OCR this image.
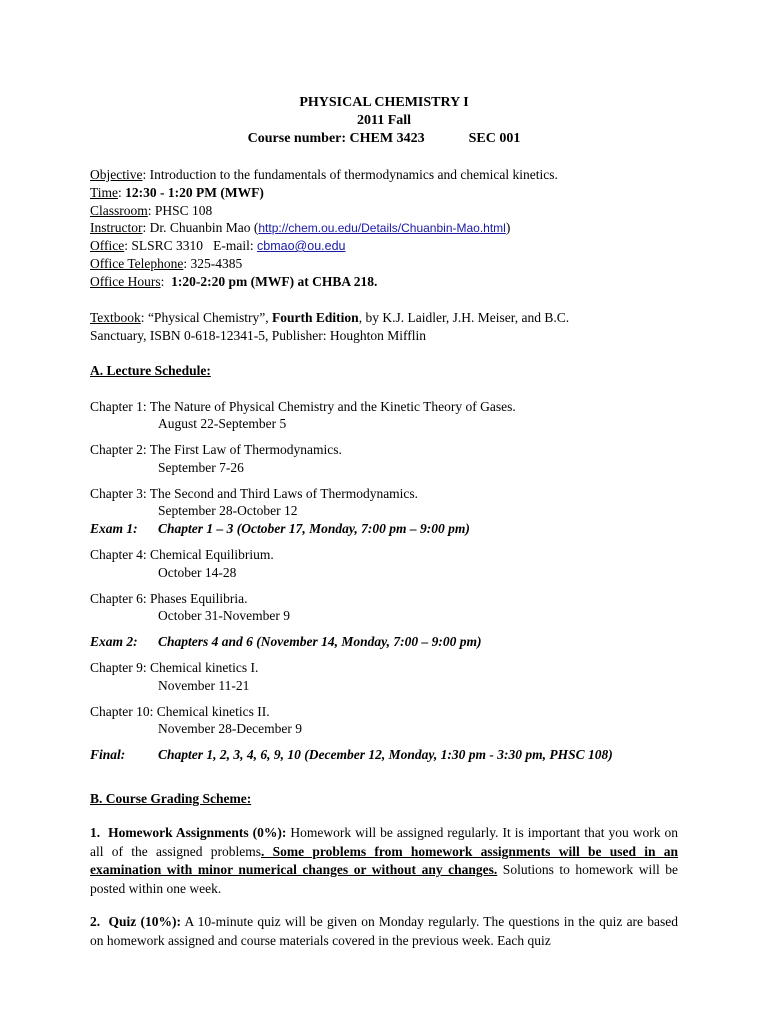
PHYSICAL CHEMISTRY I
2011 Fall
Course number: CHEM 3423	SEC 001
Objective: Introduction to the fundamentals of thermodynamics and chemical kinetics.
Time: 12:30 - 1:20 PM (MWF)
Classroom: PHSC 108
Instructor: Dr. Chuanbin Mao (http://chem.ou.edu/Details/Chuanbin-Mao.html)
Office: SLSRC 3310 E-mail: cbmao@ou.edu
Office Telephone: 325-4385
Office Hours:  1:20-2:20 pm (MWF) at CHBA 218.
Textbook: “Physical Chemistry”, Fourth Edition, by K.J. Laidler, J.H. Meiser, and B.C.
Sanctuary, ISBN 0-618-12341-5, Publisher: Houghton Mifflin
A. Lecture Schedule:
Chapter 1: The Nature of Physical Chemistry and the Kinetic Theory of Gases.
August 22-September 5
Chapter 2: The First Law of Thermodynamics.
September 7-26
Chapter 3: The Second and Third Laws of Thermodynamics.
September 28-October 12
Exam 1: Chapter 1 – 3 (October 17, Monday, 7:00 pm – 9:00 pm)
Chapter 4: Chemical Equilibrium.
October 14-28
Chapter 6: Phases Equilibria.
October 31-November 9
Exam 2: Chapters 4 and 6 (November 14, Monday, 7:00 – 9:00 pm)
Chapter 9: Chemical kinetics I.
November 11-21
Chapter 10: Chemical kinetics II.
November 28-December 9
Final: Chapter 1, 2, 3, 4, 6, 9, 10 (December 12, Monday, 1:30 pm - 3:30 pm, PHSC 108)
B. Course Grading Scheme:
1. Homework Assignments (0%): Homework will be assigned regularly. It is important that you work on all of the assigned problems. Some problems from homework assignments will be used in an examination with minor numerical changes or without any changes. Solutions to homework will be posted within one week.
2. Quiz (10%): A 10-minute quiz will be given on Monday regularly. The questions in the quiz are based on homework assigned and course materials covered in the previous week. Each quiz
